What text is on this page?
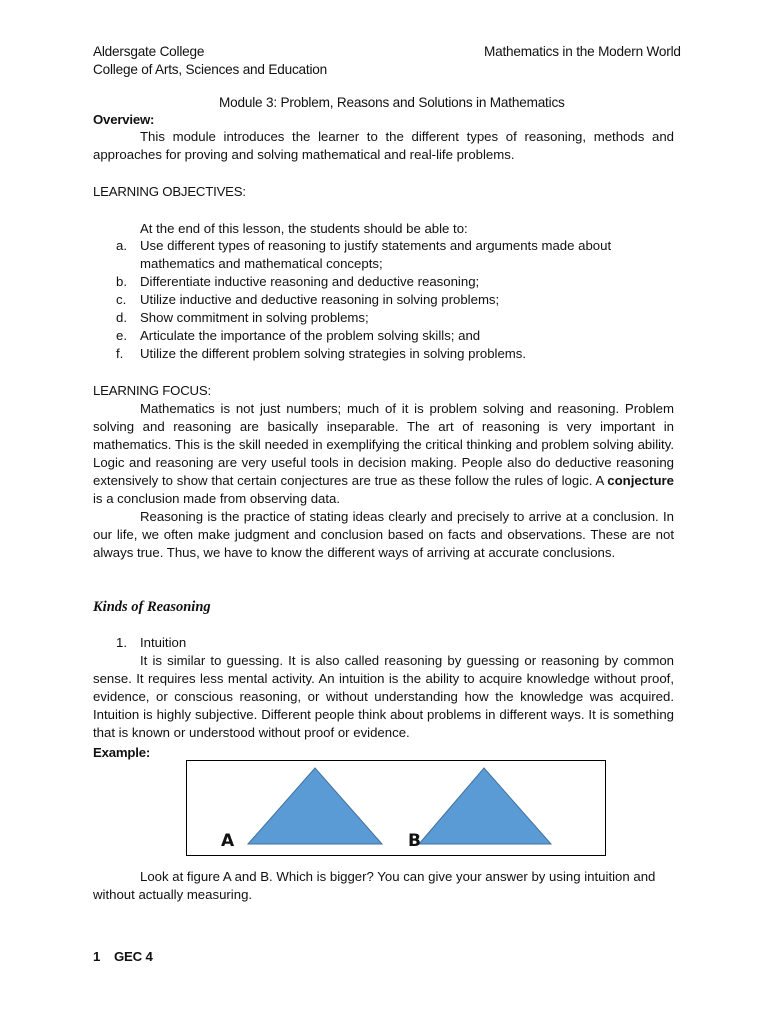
Aldersgate College
College of Arts, Sciences and Education
Mathematics in the Modern World
Module 3: Problem, Reasons and Solutions in Mathematics
Overview:
This module introduces the learner to the different types of reasoning, methods and approaches for proving and solving mathematical and real-life problems.
LEARNING OBJECTIVES:
At the end of this lesson, the students should be able to:
a. Use different types of reasoning to justify statements and arguments made about mathematics and mathematical concepts;
b. Differentiate inductive reasoning and deductive reasoning;
c. Utilize inductive and deductive reasoning in solving problems;
d. Show commitment in solving problems;
e. Articulate the importance of the problem solving skills; and
f. Utilize the different problem solving strategies in solving problems.
LEARNING FOCUS:
Mathematics is not just numbers; much of it is problem solving and reasoning. Problem solving and reasoning are basically inseparable. The art of reasoning is very important in mathematics. This is the skill needed in exemplifying the critical thinking and problem solving ability. Logic and reasoning are very useful tools in decision making. People also do deductive reasoning extensively to show that certain conjectures are true as these follow the rules of logic. A conjecture is a conclusion made from observing data.
Reasoning is the practice of stating ideas clearly and precisely to arrive at a conclusion. In our life, we often make judgment and conclusion based on facts and observations. These are not always true. Thus, we have to know the different ways of arriving at accurate conclusions.
Kinds of Reasoning
1. Intuition
It is similar to guessing. It is also called reasoning by guessing or reasoning by common sense. It requires less mental activity. An intuition is the ability to acquire knowledge without proof, evidence, or conscious reasoning, or without understanding how the knowledge was acquired. Intuition is highly subjective. Different people think about problems in different ways. It is something that is known or understood without proof or evidence.
Example:
A	B
Look at figure A and B. Which is bigger? You can give your answer by using intuition and without actually measuring.
1 GEC 4
